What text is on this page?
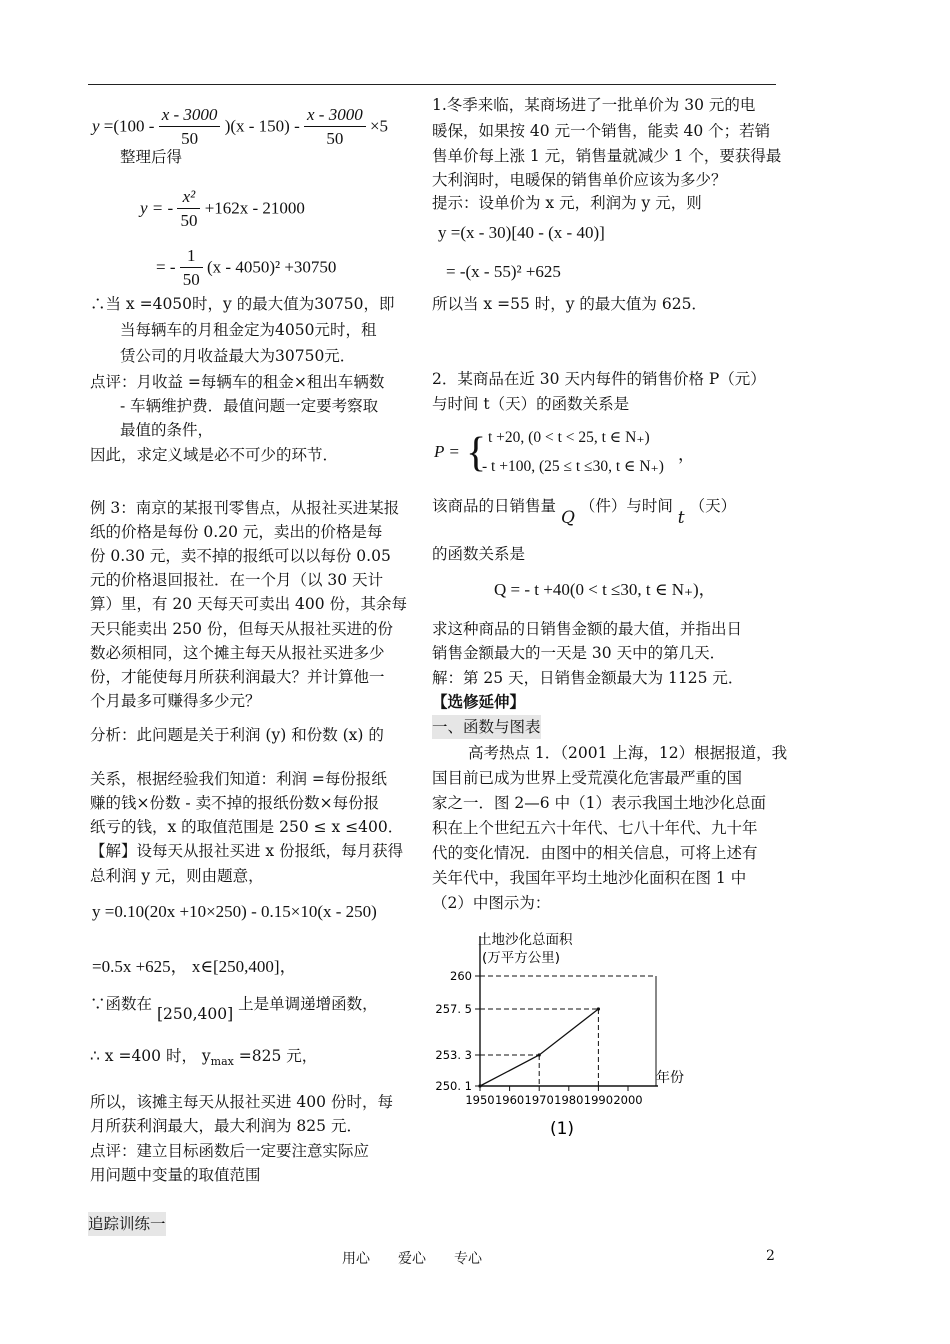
$y =(100 - \frac{x - 3000}{50} )(x - 150) - \frac{x - 3000}{50} \times 5$
整理后得
y = - $\frac{\text{x²}}{50} +162x - 21000$
= - $\frac{1}{50} (x - 4050)^2 +30750$
∴当 x =4050时，y 的最大值为30750，即
当每辆车的月租金定为4050元时，租
赁公司的月收益最大为30750元．
点评：月收益 =每辆车的租金×租出车辆数
- 车辆维护费．最值问题一定要考察取
最值的条件，
因此，求定义域是必不可少的环节．
例 3：南京的某报刊零售点，从报社买进某报
纸的价格是每份 0.20 元，卖出的价格是每
份 0.30 元，卖不掉的报纸可以以每份 0.05
元的价格退回报社．在一个月（以 30 天计
算）里，有 20 天每天可卖出 400 份，其余每
天只能卖出 250 份，但每天从报社买进的份
数必须相同，这个摊主每天从报社买进多少
份，才能使每月所获利润最大？并计算他一
个月最多可赚得多少元？
分析：此问题是关于利润 (y) 和份数 (x) 的
关系，根据经验我们知道：利润 =每份报纸
赚的钱×份数 - 卖不掉的报纸份数×每份报
纸亏的钱，x 的取值范围是 250 ≤ x ≤400．
【解】设每天从报社买进 x 份报纸，每月获得
总利润 y 元，则由题意，
y =0.10(20x +10×250) - 0.15×10(x - 250)
=0.5x +625， x∈[250,400]，
∵函数在 [250,400] 上是单调递增函数，
∴ x =400 时， $y_{max} =825$ 元，
所以，该摊主每天从报社买进 400 份时，每
月所获利润最大，最大利润为 825 元．
点评：建立目标函数后一定要注意实际应
用问题中变量的取值范围
追踪训练一
1.冬季来临，某商场进了一批单价为 30 元的电
暖保，如果按 40 元一个销售，能卖 40 个；若销
售单价每上涨 1 元，销售量就减少 1 个，要获得最
大利润时，电暖保的销售单价应该为多少？
提示：设单价为 x 元，利润为 y 元，则
y =(x - 30)[40 - (x - 40)]
= -(x - 55)² +625
所以当 x =55 时，y 的最大值为 625．
2．某商品在近 30 天内每件的销售价格 P（元）
与时间 t（天）的函数关系是
P = { t +20, (0 < t < 25, t ∈ N₊)
- t +100, (25 ≤ t ≤30, t ∈ N₊)
，
该商品的日销售量 Q （件）与时间 t （天）
的函数关系是
Q = - t +40(0 < t ≤30, t ∈ N₊)，
求这种商品的日销售金额的最大值，并指出日
销售金额最大的一天是 30 天中的第几天．
解：第 25 天，日销售金额最大为 1125 元．
【选修延伸】
一、函数与图表
高考热点 1．（2001 上海，12）根据报道，我
国目前已成为世界上受荒漠化危害最严重的国
家之一．图 2—6 中（1）表示我国土地沙化总面
积在上个世纪五六十年代、七八十年代、九十年
代的变化情况．由图中的相关信息，可将上述有
关年代中，我国年平均土地沙化面积在图 1 中
（2）中图示为：
土地沙化总面积
(万平方公里)
250. 1
253. 3
257. 5
260
1950 1960 1970 1980 1990 2000
年份
(1)
用心　　爱心　　专心	2
